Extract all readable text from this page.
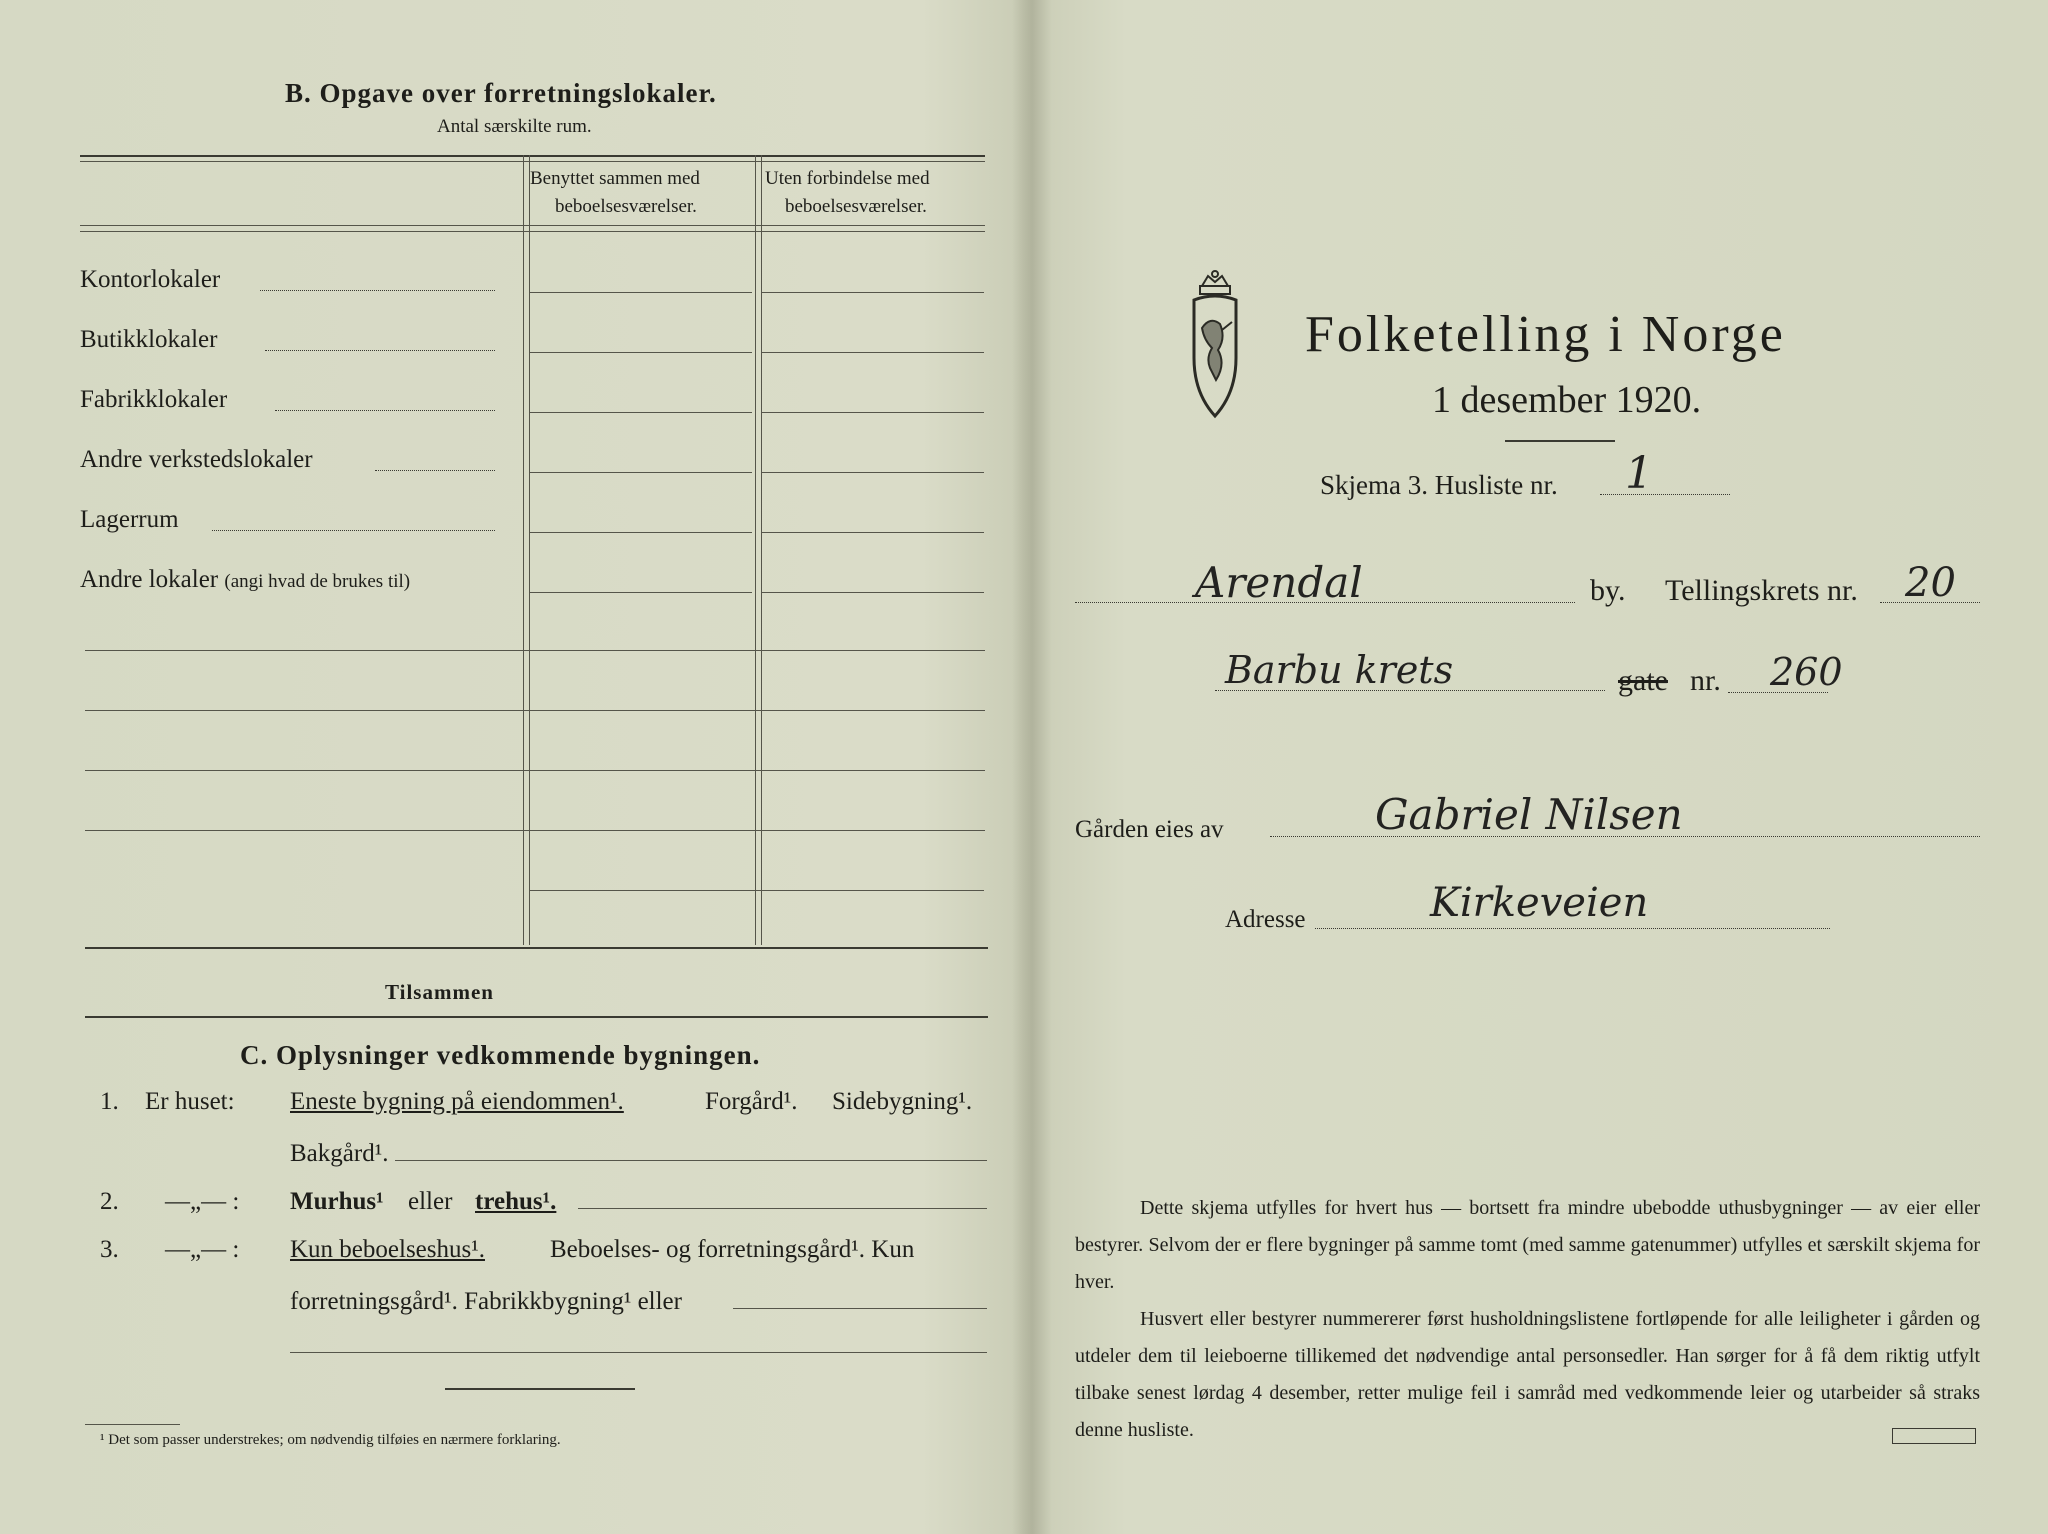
B. Opgave over forretningslokaler.
Antal særskilte rum.
Benyttet sammen med
beboelsesværelser.
Uten forbindelse med
beboelsesværelser.
Kontorlokaler
Butikklokaler
Fabrikklokaler
Andre verkstedslokaler
Lagerrum
Andre lokaler (angi hvad de brukes til)
Tilsammen
C. Oplysninger vedkommende bygningen.
1. Er huset: Eneste bygning på eiendommen¹.	Forgård¹. Sidebygning¹.
Bakgård¹.
2. —„— : Murhus¹ eller trehus¹.
3. —„— : Kun beboelseshus¹.	Beboelses- og forretningsgård¹. Kun
forretningsgård¹. Fabrikkbygning¹ eller
¹ Det som passer understrekes; om nødvendig tilføies en nærmere forklaring.
Folketelling i Norge
1 desember 1920.
Skjema 3. Husliste nr. 1
Arendal	by. Tellingskrets nr. 20
Barbu krets	gate nr. 260
Gården eies av	Gabriel Nilsen
Adresse	Kirkeveien
Dette skjema utfylles for hvert hus — bortsett fra mindre ubebodde uthusbygninger — av eier eller bestyrer. Selvom der er flere bygninger på samme tomt (med samme gatenummer) utfylles et særskilt skjema for hver.
Husvert eller bestyrer nummererer først husholdningslistene fortløpende for alle leiligheter i gården og utdeler dem til leieboerne tillikemed det nødvendige antal personsedler. Han sørger for å få dem riktig utfylt tilbake senest lørdag 4 desember, retter mulige feil i samråd med vedkommende leier og utarbeider så straks denne husliste.
